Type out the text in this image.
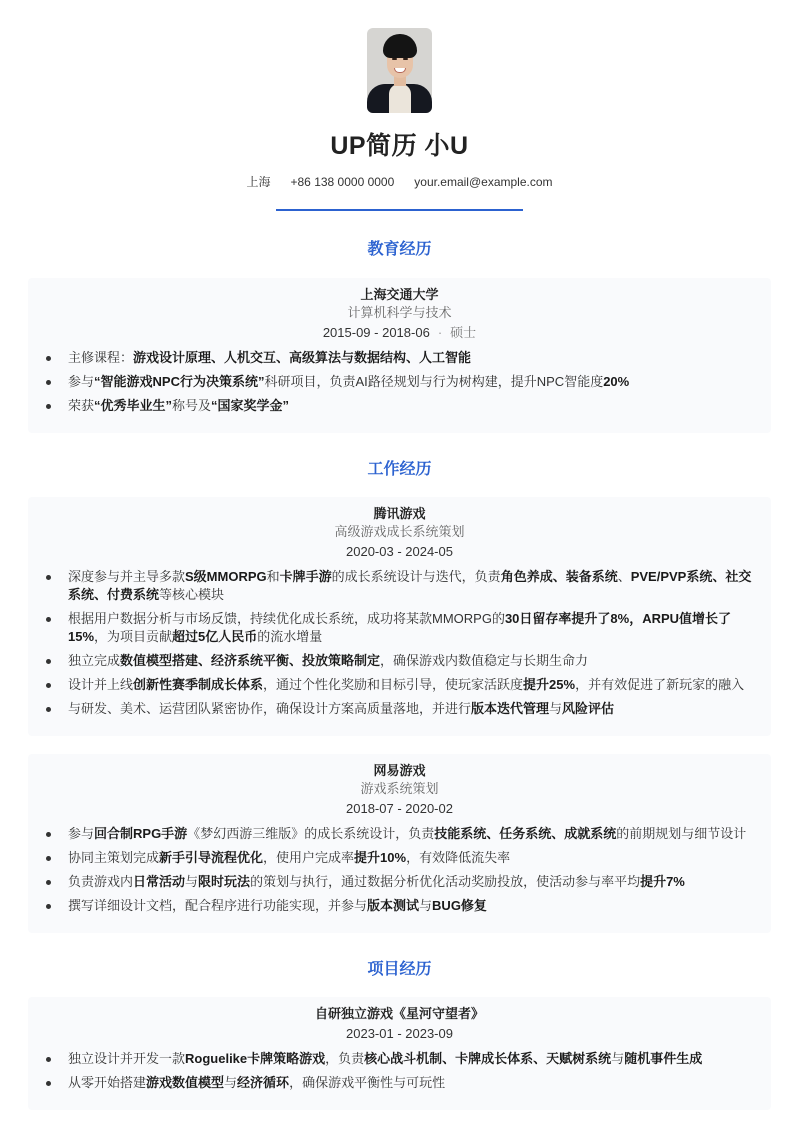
UP简历 小U
上海 +86 138 0000 0000 your.email@example.com
教育经历
上海交通大学
计算机科学与技术
2015-09 - 2018-06 · 硕士
主修课程：游戏设计原理、人机交互、高级算法与数据结构、人工智能
参与“智能游戏NPC行为决策系统”科研项目，负责AI路径规划与行为树构建，提升NPC智能度20%
荣获“优秀毕业生”称号及“国家奖学金”
工作经历
腾讯游戏
高级游戏成长系统策划
2020-03 - 2024-05
深度参与并主导多款S级MMORPG和卡牌手游的成长系统设计与迭代，负责角色养成、装备系统、PVE/PVP系统、社交系统、付费系统等核心模块
根据用户数据分析与市场反馈，持续优化成长系统，成功将某款MMORPG的30日留存率提升了8%，ARPU值增长了15%，为项目贡献超过5亿人民币的流水增量
独立完成数值模型搭建、经济系统平衡、投放策略制定，确保游戏内数值稳定与长期生命力
设计并上线创新性赛季制成长体系，通过个性化奖励和目标引导，使玩家活跃度提升25%，并有效促进了新玩家的融入
与研发、美术、运营团队紧密协作，确保设计方案高质量落地，并进行版本迭代管理与风险评估
网易游戏
游戏系统策划
2018-07 - 2020-02
参与回合制RPG手游《梦幻西游三维版》的成长系统设计，负责技能系统、任务系统、成就系统的前期规划与细节设计
协同主策划完成新手引导流程优化，使用户完成率提升10%，有效降低流失率
负责游戏内日常活动与限时玩法的策划与执行，通过数据分析优化活动奖励投放，使活动参与率平均提升7%
撰写详细设计文档，配合程序进行功能实现，并参与版本测试与BUG修复
项目经历
自研独立游戏《星河守望者》
2023-01 - 2023-09
独立设计并开发一款Roguelike卡牌策略游戏，负责核心战斗机制、卡牌成长体系、天赋树系统与随机事件生成
从零开始搭建游戏数值模型与经济循环，确保游戏平衡性与可玩性
